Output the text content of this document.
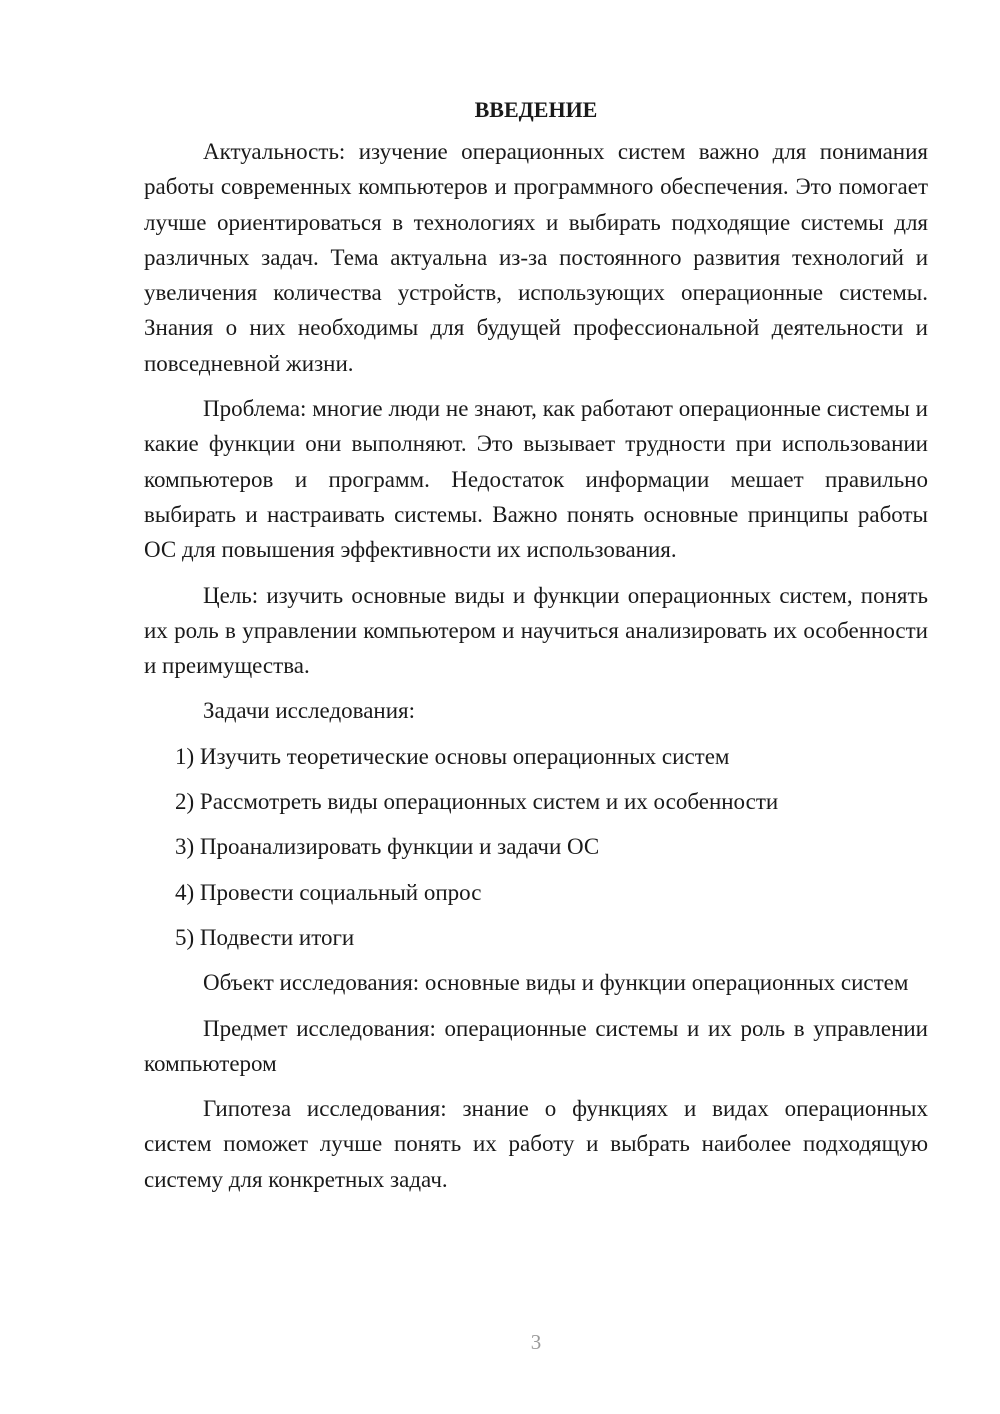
ВВЕДЕНИЕ

Актуальность: изучение операционных систем важно для понимания работы современных компьютеров и программного обеспечения. Это помогает лучше ориентироваться в технологиях и выбирать подходящие системы для различных задач. Тема актуальна из-за постоянного развития технологий и увеличения количества устройств, использующих операционные системы. Знания о них необходимы для будущей профессиональной деятельности и повседневной жизни.

Проблема: многие люди не знают, как работают операционные системы и какие функции они выполняют. Это вызывает трудности при использовании компьютеров и программ. Недостаток информации мешает правильно выбирать и настраивать системы. Важно понять основные принципы работы ОС для повышения эффективности их использования.

Цель: изучить основные виды и функции операционных систем, понять их роль в управлении компьютером и научиться анализировать их особенности и преимущества.

Задачи исследования:

1) Изучить теоретические основы операционных систем

2) Рассмотреть виды операционных систем и их особенности

3) Проанализировать функции и задачи ОС

4) Провести социальный опрос

5) Подвести итоги

Объект исследования: основные виды и функции операционных систем

Предмет исследования: операционные системы и их роль в управлении компьютером

Гипотеза исследования: знание о функциях и видах операционных систем поможет лучше понять их работу и выбрать наиболее подходящую систему для конкретных задач.

3
